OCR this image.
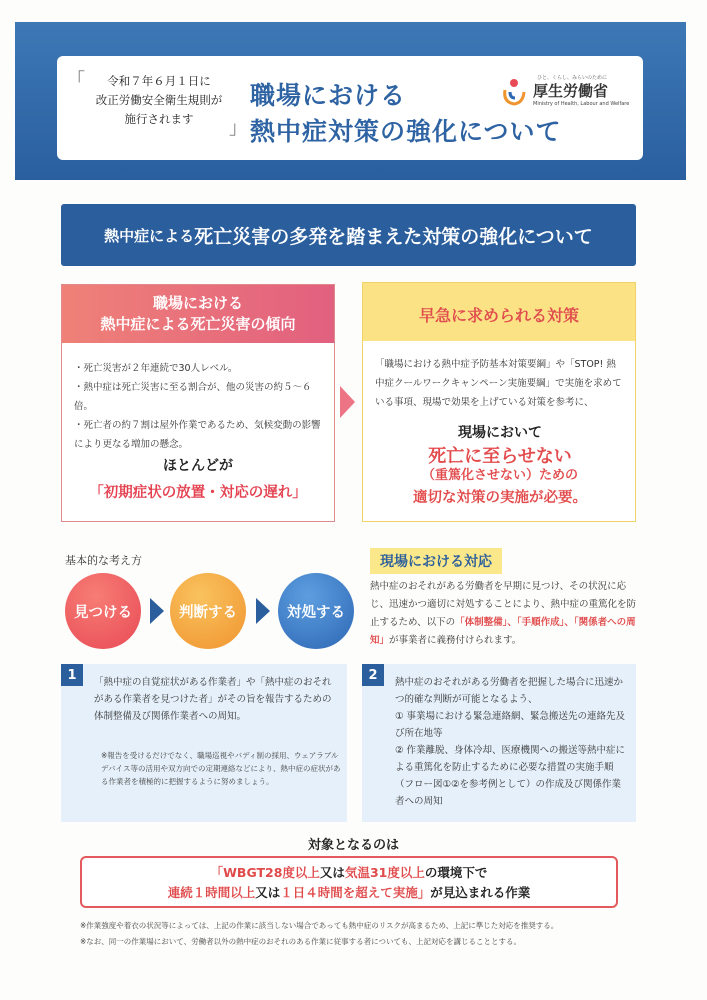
「	令和７年６月１日に
改正労働安全衛生規則が
施行されます	」
職場における
熱中症対策の強化について
ひと、くらし、みらいのために
厚生労働省
Ministry of Health, Labour and Welfare
熱中症による 死亡災害の多発を踏まえた対策の強化について
職場における
熱中症による死亡災害の傾向
・ 死亡災害が２年連続で30人レベル。
・ 熱中症は死亡災害に至る割合が、他の災害の約５～６倍。
・ 死亡者の約７割は屋外作業であるため、気候変動の影響により更なる増加の懸念。
ほとんどが
「初期症状の放置・対応の遅れ」
早急に求められる対策
「職場における熱中症予防基本対策要綱」や「STOP! 熱中症クールワークキャンペーン実施要綱」で実施を求めている事項、現場で効果を上げている対策を参考に、
現場において
死亡に至らせない
（重篤化させない）ための
適切な対策の実施が必要。
基本的な考え方
見つける	判断する	対処する
現場における対応
熱中症のおそれがある労働者を早期に見つけ、その状況に応じ、迅速かつ適切に対処することにより、熱中症の重篤化を防止するため、以下の「体制整備」、「手順作成」、「関係者への周知」が事業者に義務付けられます。
1	「熱中症の自覚症状がある作業者」や「熱中症のおそれがある作業者を見つけた者」がその旨を報告するための体制整備及び関係作業者への周知。
※報告を受けるだけでなく、職場巡視やバディ制の採用、ウェアラブルデバイス等の活用や双方向での定期連絡などにより、熱中症の症状がある作業者を積極的に把握するように努めましょう。
2	熱中症のおそれがある労働者を把握した場合に迅速かつ的確な判断が可能となるよう、
① 事業場における緊急連絡網、緊急搬送先の連絡先及び所在地等
② 作業離脱、身体冷却、医療機関への搬送等熱中症による重篤化を防止するために必要な措置の実施手順（フロー図①②を参考例として）の作成及び関係作業者への周知
対象となるのは
「WBGT28度以上又は気温31度以上の環境下で
連続１時間以上又は１日４時間を超えて実施」が見込まれる作業
※作業強度や着衣の状況等によっては、上記の作業に該当しない場合であっても熱中症のリスクが高まるため、上記に準じた対応を推奨する。
※なお、同一の作業場において、労働者以外の熱中症のおそれのある作業に従事する者についても、上記対応を講じることとする。
